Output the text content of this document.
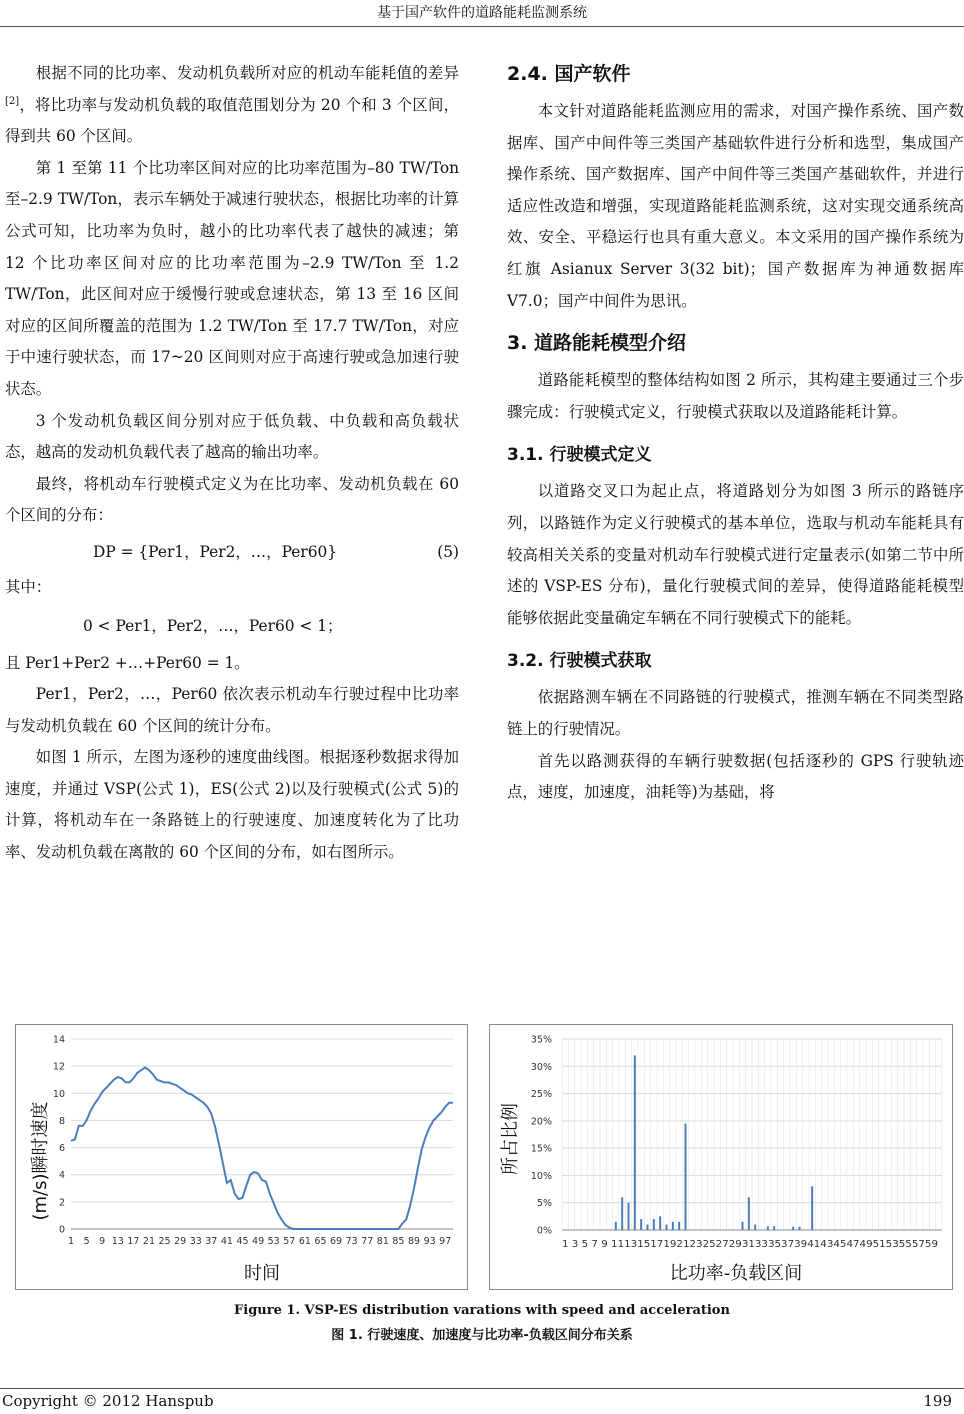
基于国产软件的道路能耗监测系统

根据不同的比功率、发动机负载所对应的机动车能耗值的差异[2]，将比功率与发动机负载的取值范围划分为 20 个和 3 个区间，得到共 60 个区间。

第 1 至第 11 个比功率区间对应的比功率范围为–80 TW/Ton 至–2.9 TW/Ton，表示车辆处于减速行驶状态，根据比功率的计算公式可知，比功率为负时，越小的比功率代表了越快的减速；第 12 个比功率区间对应的比功率范围为–2.9 TW/Ton 至 1.2 TW/Ton，此区间对应于缓慢行驶或怠速状态，第 13 至 16 区间对应的区间所覆盖的范围为 1.2 TW/Ton 至 17.7 TW/Ton，对应于中速行驶状态，而 17~20 区间则对应于高速行驶或急加速行驶状态。

3 个发动机负载区间分别对应于低负载、中负载和高负载状态，越高的发动机负载代表了越高的输出功率。

最终，将机动车行驶模式定义为在比功率、发动机负载在 60 个区间的分布：

DP = {Per1，Per2，…，Per60}	(5)

其中：

0 < Per1，Per2，…，Per60 < 1；

且 Per1+Per2 +…+Per60 = 1。

Per1，Per2，…，Per60 依次表示机动车行驶过程中比功率与发动机负载在 60 个区间的统计分布。

如图 1 所示，左图为逐秒的速度曲线图。根据逐秒数据求得加速度，并通过 VSP(公式 1)，ES(公式 2)以及行驶模式(公式 5)的计算，将机动车在一条路链上的行驶速度、加速度转化为了比功率、发动机负载在离散的 60 个区间的分布，如右图所示。

2.4. 国产软件

本文针对道路能耗监测应用的需求，对国产操作系统、国产数据库、国产中间件等三类国产基础软件进行分析和选型，集成国产操作系统、国产数据库、国产中间件等三类国产基础软件，并进行适应性改造和增强，实现道路能耗监测系统，这对实现交通系统高效、安全、平稳运行也具有重大意义。本文采用的国产操作系统为红旗 Asianux Server 3(32 bit)；国产数据库为神通数据库 V7.0；国产中间件为思讯。

3. 道路能耗模型介绍

道路能耗模型的整体结构如图 2 所示，其构建主要通过三个步骤完成：行驶模式定义，行驶模式获取以及道路能耗计算。

3.1. 行驶模式定义

以道路交叉口为起止点，将道路划分为如图 3 所示的路链序列，以路链作为定义行驶模式的基本单位，选取与机动车能耗具有较高相关关系的变量对机动车行驶模式进行定量表示(如第二节中所述的 VSP-ES 分布)，量化行驶模式间的差异，使得道路能耗模型能够依据此变量确定车辆在不同行驶模式下的能耗。

3.2. 行驶模式获取

依据路测车辆在不同路链的行驶模式，推测车辆在不同类型路链上的行驶情况。

首先以路测获得的车辆行驶数据(包括逐秒的 GPS 行驶轨迹点，速度，加速度，油耗等)为基础，将

0
2
4
6
8
10
12
14
1 5 9 13 17 21 25 29 33 37 41 45 49 53 57 61 65 69 73 77 81 85 89 93 97
(m/s)瞬时速度
时间
0%
5%
10%
15%
20%
25%
30%
35%
1 3 5 7 9 11131517192123252729313335373941434547495153555759
所占比例
比功率-负载区间
Figure 1. VSP-ES distribution varations with speed and acceleration
图 1. 行驶速度、加速度与比功率-负载区间分布关系
Copyright © 2012 Hanspub	199
